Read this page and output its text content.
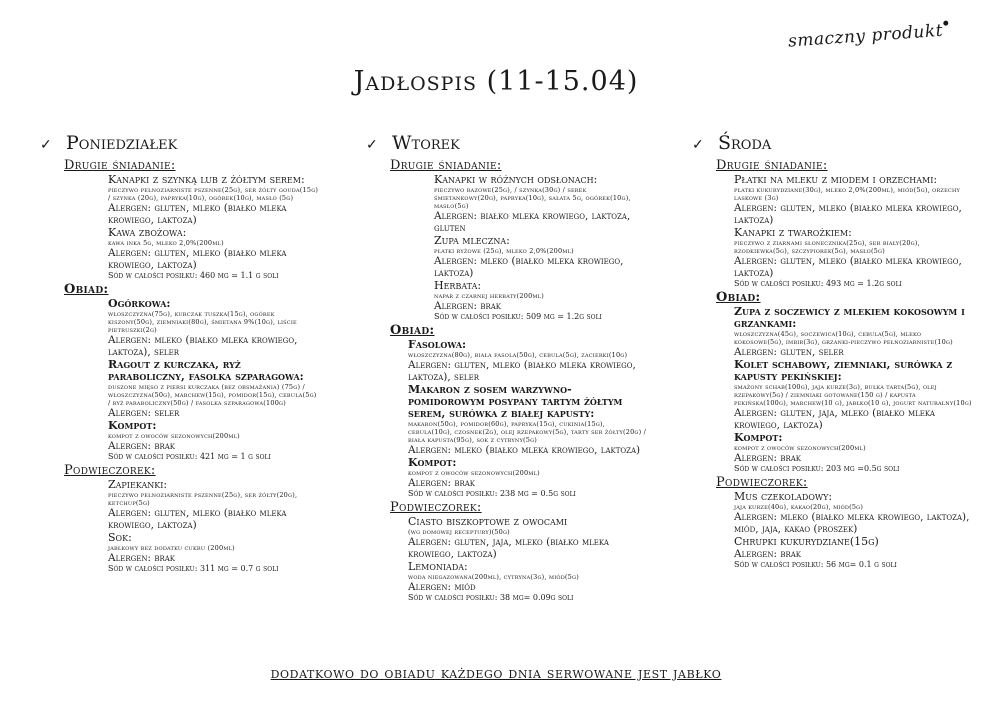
smaczny produkt
Jadłospis (11-15.04)
✓ Poniedziałek
Drugie śniadanie:
Kanapki z szynką lub z żółtym serem:
pieczywo pełnoziarniste pszenne(25g), ser żółty gouda(15g) / szynka (20g), papryka(10g), ogórek(10g), masło (5g)
Alergen: gluten, mleko (białko mleka krowiego, laktoza)
Kawa zbożowa:
kawa inka 5g, mleko 2,0%(200ml)
Alergen: gluten, mleko (białko mleka krowiego, laktoza)
Sód w całości posiłku: 460 mg = 1.1 g soli
Obiad:
Ogórkowa:
włoszczyzna(75g), kurczak tuszka(15g), ogórek kiszony(50g), ziemniaki(80g), śmietana 9%(10g), liście pietruszki(2g)
Alergen: mleko (białko mleka krowiego, laktoza), seler
Ragout z kurczaka, ryż paraboliczny, fasolka szparagowa:
duszone mięso z piersi kurczaka (bez obsmażania) (75g) / włoszczyzna(50g), marchew(15g), pomidor(15g), cebula(5g) / ryż paraboliczny(50g) / fasolka szparagowa(100g)
Alergen: seler
Kompot:
kompot z owoców sezonowych(200ml)
Alergen: brak
Sód w całości posiłku: 421 mg = 1 g soli
Podwieczorek:
Zapiekanki:
pieczywo pełnoziarniste pszenne(25g), ser żółty(20g), ketchup(5g)
Alergen: gluten, mleko (białko mleka krowiego, laktoza)
Sok:
jabłkowy bez dodatku cukru (200ml)
Alergen: brak
Sód w całości posiłku: 311 mg = 0.7 g soli
✓ Wtorek
Drugie śniadanie:
Kanapki w różnych odsłonach:
pieczywo razowe(25g), / szynka(30g) / serek śmietankowy(20g), papryka(10g), sałata 5g, ogórek(10g), masło(5g)
Alergen: białko mleka krowiego, laktoza, gluten
Zupa mleczna:
płatki ryżowe (25g), mleko 2,0%(200ml)
Alergen: mleko (białko mleka krowiego, laktoza)
Herbata:
napar z czarnej herbaty(200ml)
Alergen: brak
Sód w całości posiłku: 509 mg = 1.2g soli
Obiad:
Fasolowa:
włoszczyzna(80g), biała fasola(50g), cebula(5g), zacierki(10g)
Alergen: gluten, mleko (białko mleka krowiego, laktoza), seler
Makaron z sosem warzywno-pomidorowym posypany tartym żółtym serem, surówka z białej kapusty:
makaron(50g), pomidor(60g), papryka(15g), cukinia(15g), cebula(10g), czosnek(2g), olej rzepakowy(5g), tarty ser żółty(20g) / biała kapusta(95g), sok z cytryny(5g)
Alergen: mleko (białko mleka krowiego, laktoza)
Kompot:
kompot z owoców sezonowych(200ml)
Alergen: brak
Sód w całości posiłku: 238 mg = 0.5g soli
Podwieczorek:
Ciasto biszkoptowe z owocami
(wg domowej receptury)(50g)
Alergen: gluten, jaja, mleko (białko mleka krowiego, laktoza)
Lemoniada:
woda niegazowana(200ml), cytryna(3g), miód(5g)
Alergen: miód
Sód w całości posiłku: 38 mg= 0.09g soli
✓ Środa
Drugie śniadanie:
Płatki na mleku z miodem i orzechami:
płatki kukurydziane(30g), mleko 2,0%(200ml), miód(5g), orzechy laskowe (3g)
Alergen: gluten, mleko (białko mleka krowiego, laktoza)
Kanapki z twarożkiem:
pieczywo z ziarnami słonecznika(25g), ser biały(20g), rzodkiewka(5g), szczypiorek(5g), masło(5g)
Alergen: gluten, mleko (białko mleka krowiego, laktoza)
Sód w całości posiłku: 493 mg = 1.2g soli
Obiad:
Zupa z soczewicy z mlekiem kokosowym i grzankami:
włoszczyzna(45g), soczewica(10g), cebula(5g), mleko kokosowe(5g), imbir(3g), grzanki-pieczywo pełnoziarniste(10g)
Alergen: gluten, seler
Kolet schabowy, ziemniaki, surówka z kapusty pekińskiej:
smażony schab(100g), jaja kurze(3g), bułka tarta(5g), olej rzepakowy(5g) / ziemniaki gotowane(150 g) / kapusta pekińska(100g), marchew(10 g), jabłko(10 g), jogurt naturalny(10g)
Alergen: gluten, jaja, mleko (białko mleka krowiego, laktoza)
Kompot:
kompot z owoców sezonowych(200ml)
Alergen: brak
Sód w całości posiłku: 203 mg =0.5g soli
Podwieczorek:
Mus czekoladowy:
jaja kurze(40g), kakao(20g), miód(5g)
Alergen: mleko (białko mleka krowiego, laktoza), miód, jaja, kakao (proszek)
Chrupki kukurydziane(15g)
Alergen: brak
Sód w całości posiłku: 56 mg= 0.1 g soli
dodatkowo do obiadu każdego dnia serwowane jest jabłko
